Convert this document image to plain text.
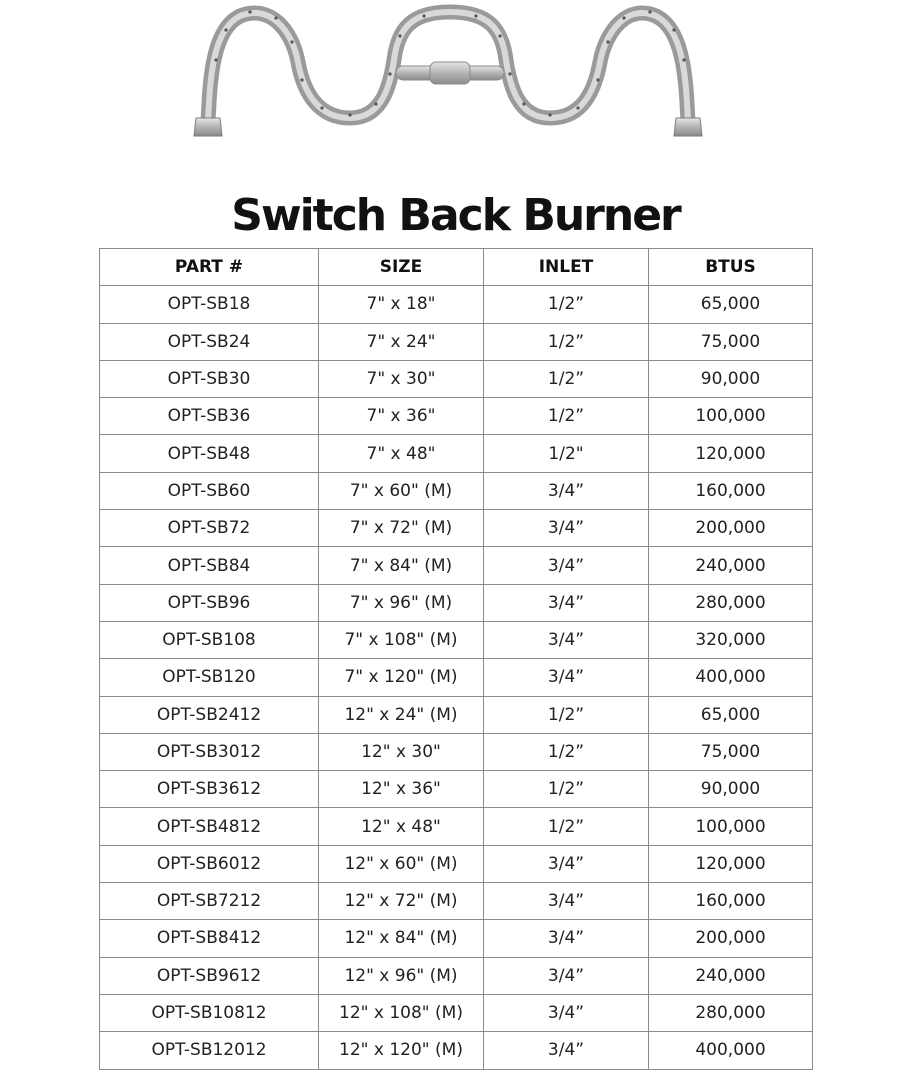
Switch Back Burner
PART #	SIZE	INLET	BTUS
OPT-SB18	7" x 18"	1/2”	65,000
OPT-SB24	7" x 24"	1/2”	75,000
OPT-SB30	7" x 30"	1/2”	90,000
OPT-SB36	7" x 36"	1/2”	100,000
OPT-SB48	7" x 48"	1/2"	120,000
OPT-SB60	7" x 60" (M)	3/4”	160,000
OPT-SB72	7" x 72" (M)	3/4”	200,000
OPT-SB84	7" x 84" (M)	3/4”	240,000
OPT-SB96	7" x 96" (M)	3/4”	280,000
OPT-SB108	7" x 108" (M)	3/4”	320,000
OPT-SB120	7" x 120" (M)	3/4”	400,000
OPT-SB2412	12" x 24" (M)	1/2”	65,000
OPT-SB3012	12" x 30"	1/2”	75,000
OPT-SB3612	12" x 36"	1/2”	90,000
OPT-SB4812	12" x 48"	1/2”	100,000
OPT-SB6012	12" x 60" (M)	3/4”	120,000
OPT-SB7212	12" x 72" (M)	3/4”	160,000
OPT-SB8412	12" x 84" (M)	3/4”	200,000
OPT-SB9612	12" x 96" (M)	3/4”	240,000
OPT-SB10812	12" x 108" (M)	3/4”	280,000
OPT-SB12012	12" x 120" (M)	3/4”	400,000
